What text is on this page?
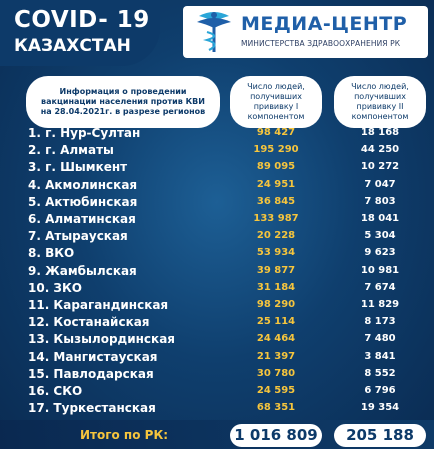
COVID- 19
КАЗАХСТАН
МЕДИА-ЦЕНТР
МИНИСТЕРСТВА ЗДРАВООХРАНЕНИЯ РК
Информация о проведении вакцинации населения против КВИ на 28.04.2021г. в разрезе регионов
Число людей, получивших прививку I компонентом
Число людей, получивших прививку II компонентом
1. г. Нур-Султан	98 427	18 168
2. г. Алматы	195 290	44 250
3. г. Шымкент	89 095	10 272
4. Акмолинская	24 951	7 047
5. Актюбинская	36 845	7 803
6. Алматинская	133 987	18 041
7. Атырауская	20 228	5 304
8. ВКО	53 934	9 623
9. Жамбылская	39 877	10 981
10. ЗКО	31 184	7 674
11. Карагандинская	98 290	11 829
12. Костанайская	25 114	8 173
13. Кызылординская	24 464	7 480
14. Мангистауская	21 397	3 841
15. Павлодарская	30 780	8 552
16. СКО	24 595	6 796
17. Туркестанская	68 351	19 354
Итого по РК:	1 016 809	205 188
